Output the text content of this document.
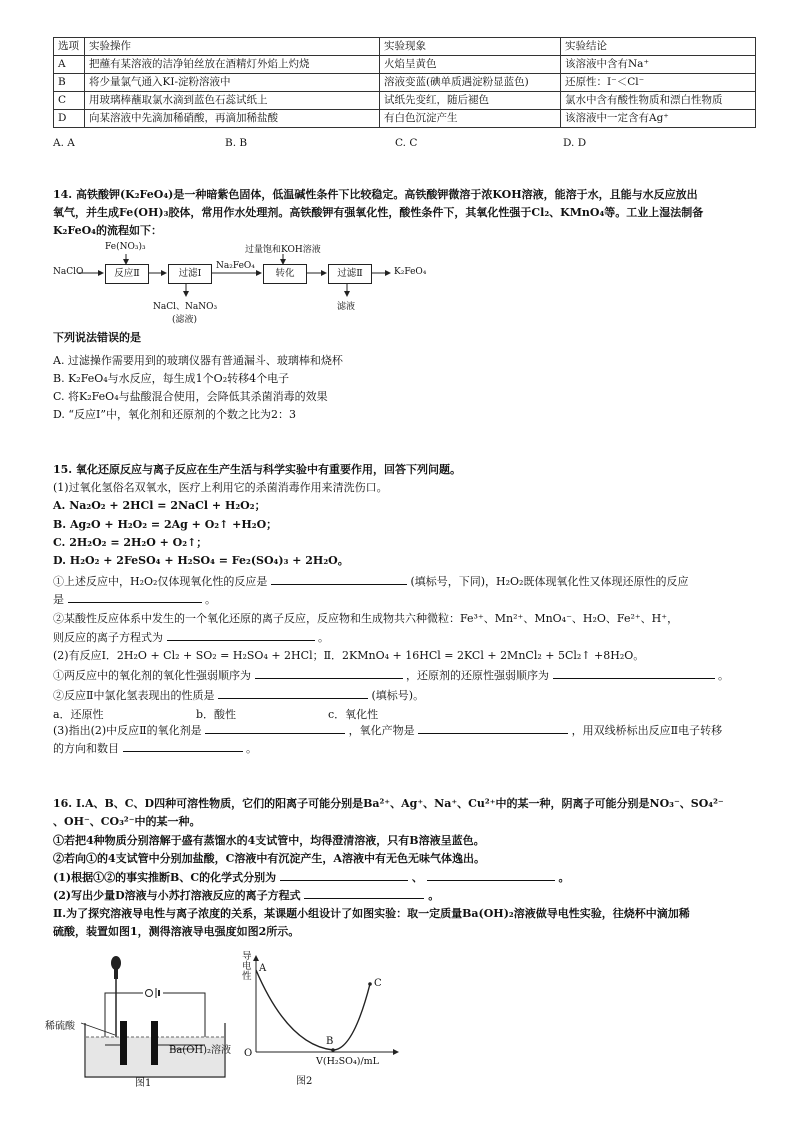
选项	实验操作	实验现象	实验结论
A	把蘸有某溶液的洁净铂丝放在酒精灯外焰上灼烧	火焰呈黄色	该溶液中含有Na⁺
B	将少量氯气通入KI-淀粉溶液中	溶液变蓝(碘单质遇淀粉显蓝色)	还原性：I⁻＜Cl⁻
C	用玻璃棒蘸取氯水滴到蓝色石蕊试纸上	试纸先变红，随后褪色	氯水中含有酸性物质和漂白性物质
D	向某溶液中先滴加稀硝酸，再滴加稀盐酸	有白色沉淀产生	该溶液中一定含有Ag⁺
A. A	B. B	C. C	D. D
14. 高铁酸钾(K₂FeO₄)是一种暗紫色固体，低温碱性条件下比较稳定。高铁酸钾微溶于浓KOH溶液，能溶于水，且能与水反应放出
氧气，并生成Fe(OH)₃胶体，常用作水处理剂。高铁酸钾有强氧化性，酸性条件下，其氧化性强于Cl₂、KMnO₄等。工业上湿法制备
K₂FeO₄的流程如下：
NaClO
Fe(NO₃)₃
反应Ⅱ	过滤Ⅰ
Na₂FeO₄
过量饱和KOH溶液
转化	过滤Ⅱ	K₂FeO₄
NaCl、NaNO₃
(滤液)
滤液
下列说法错误的是
A. 过滤操作需要用到的玻璃仪器有普通漏斗、玻璃棒和烧杯
B. K₂FeO₄与水反应，每生成1个O₂转移4个电子
C. 将K₂FeO₄与盐酸混合使用，会降低其杀菌消毒的效果
D. “反应Ⅰ”中，氧化剂和还原剂的个数之比为2：3
15. 氧化还原反应与离子反应在生产生活与科学实验中有重要作用，回答下列问题。
(1)过氧化氢俗名双氧水，医疗上利用它的杀菌消毒作用来清洗伤口。
A. Na₂O₂ + 2HCl = 2NaCl + H₂O₂；
B. Ag₂O + H₂O₂ = 2Ag + O₂↑ +H₂O；
C. 2H₂O₂ = 2H₂O + O₂↑；
D. H₂O₂ + 2FeSO₄ + H₂SO₄ = Fe₂(SO₄)₃ + 2H₂O。
①上述反应中，H₂O₂仅体现氧化性的反应是	(填标号，下同)，H₂O₂既体现氧化性又体现还原性的反应
是	。
②某酸性反应体系中发生的一个氧化还原的离子反应，反应物和生成物共六种微粒：Fe³⁺、Mn²⁺、MnO₄⁻、H₂O、Fe²⁺、H⁺，
则反应的离子方程式为	。
(2)有反应Ⅰ．2H₂O + Cl₂ + SO₂ = H₂SO₄ + 2HCl；Ⅱ．2KMnO₄ + 16HCl = 2KCl + 2MnCl₂ + 5Cl₂↑ +8H₂O。
①两反应中的氧化剂的氧化性强弱顺序为	，还原剂的还原性强弱顺序为	。
②反应Ⅱ中氯化氢表现出的性质是	(填标号)。
a．还原性	b．酸性	c．氧化性
(3)指出(2)中反应Ⅱ的氧化剂是	，氧化产物是	，用双线桥标出反应Ⅱ电子转移
的方向和数目	。
16. Ⅰ.A、B、C、D四种可溶性物质，它们的阳离子可能分别是Ba²⁺、Ag⁺、Na⁺、Cu²⁺中的某一种，阴离子可能分别是NO₃⁻、SO₄²⁻
、OH⁻、CO₃²⁻中的某一种。
①若把4种物质分别溶解于盛有蒸馏水的4支试管中，均得澄清溶液，只有B溶液呈蓝色。
②若向①的4支试管中分别加盐酸，C溶液中有沉淀产生，A溶液中有无色无味气体逸出。
(1)根据①②的事实推断B、C的化学式分别为	、	。
(2)写出少量D溶液与小苏打溶液反应的离子方程式	。
Ⅱ.为了探究溶液导电性与离子浓度的关系，某课题小组设计了如图实验：取一定质量Ba(OH)₂溶液做导电性实验，往烧杯中滴加稀
硫酸，装置如图1，测得溶液导电强度如图2所示。
稀硫酸
Ba(OH)₂溶液
图1
导电性
A
B
C
O
V(H₂SO₄)/mL
图2
